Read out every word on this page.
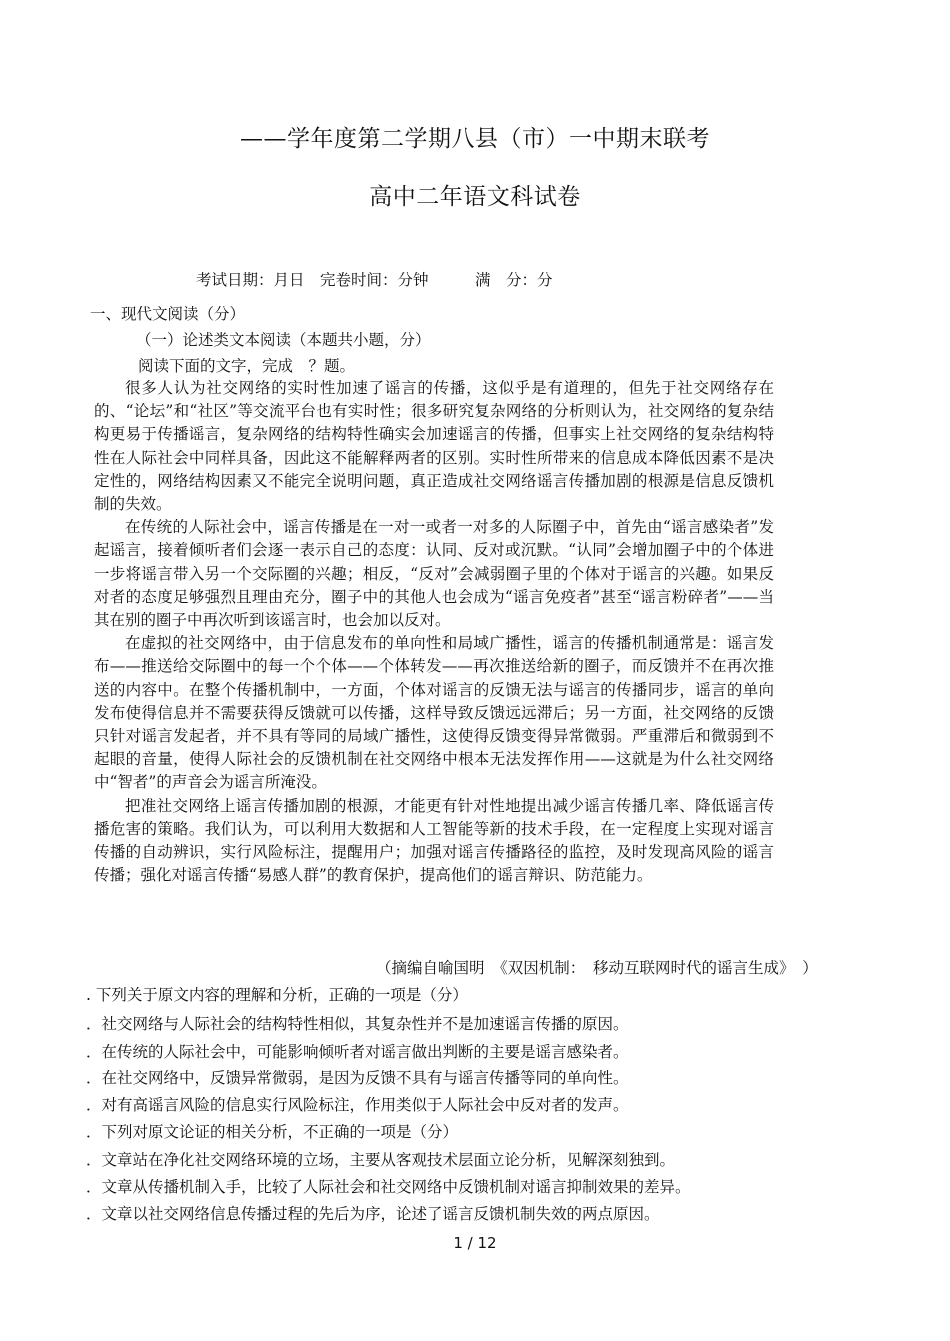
——学年度第二学期八县（市）一中期末联考
高中二年语文科试卷
考试日期：月日　完卷时间：分钟　　　满　分：分
一、现代文阅读（分）
（一）论述类文本阅读（本题共小题，分）
阅读下面的文字，完成　？题。

很多人认为社交网络的实时性加速了谣言的传播，这似乎是有道理的，但先于社交网络存在的、“论坛”和“社区”等交流平台也有实时性；很多研究复杂网络的分析则认为，社交网络的复杂结构更易于传播谣言，复杂网络的结构特性确实会加速谣言的传播，但事实上社交网络的复杂结构特性在人际社会中同样具备，因此这不能解释两者的区别。实时性所带来的信息成本降低因素不是决定性的，网络结构因素又不能完全说明问题，真正造成社交网络谣言传播加剧的根源是信息反馈机制的失效。

在传统的人际社会中，谣言传播是在一对一或者一对多的人际圈子中，首先由“谣言感染者”发起谣言，接着倾听者们会逐一表示自己的态度：认同、反对或沉默。“认同”会增加圈子中的个体进一步将谣言带入另一个交际圈的兴趣；相反，“反对”会减弱圈子里的个体对于谣言的兴趣。如果反对者的态度足够强烈且理由充分，圈子中的其他人也会成为“谣言免疫者”甚至“谣言粉碎者”——当其在别的圈子中再次听到该谣言时，也会加以反对。

在虚拟的社交网络中，由于信息发布的单向性和局域广播性，谣言的传播机制通常是：谣言发布——推送给交际圈中的每一个个体——个体转发——再次推送给新的圈子，而反馈并不在再次推送的内容中。在整个传播机制中，一方面，个体对谣言的反馈无法与谣言的传播同步，谣言的单向发布使得信息并不需要获得反馈就可以传播，这样导致反馈远远滞后；另一方面，社交网络的反馈只针对谣言发起者，并不具有等同的局域广播性，这使得反馈变得异常微弱。严重滞后和微弱到不起眼的音量，使得人际社会的反馈机制在社交网络中根本无法发挥作用——这就是为什么社交网络中“智者”的声音会为谣言所淹没。

把准社交网络上谣言传播加剧的根源，才能更有针对性地提出减少谣言传播几率、降低谣言传播危害的策略。我们认为，可以利用大数据和人工智能等新的技术手段，在一定程度上实现对谣言传播的自动辨识，实行风险标注，提醒用户；加强对谣言传播路径的监控，及时发现高风险的谣言传播；强化对谣言传播“易感人群”的教育保护，提高他们的谣言辩识、防范能力。

（摘编自喻国明　《双因机制：　移动互联网时代的谣言生成》　）
. 下列关于原文内容的理解和分析，正确的一项是（分）
．社交网络与人际社会的结构特性相似，其复杂性并不是加速谣言传播的原因。
．在传统的人际社会中，可能影响倾听者对谣言做出判断的主要是谣言感染者。
．在社交网络中，反馈异常微弱，是因为反馈不具有与谣言传播等同的单向性。
．对有高谣言风险的信息实行风险标注，作用类似于人际社会中反对者的发声。
．下列对原文论证的相关分析，不正确的一项是（分）
．文章站在净化社交网络环境的立场，主要从客观技术层面立论分析，见解深刻独到。
．文章从传播机制入手，比较了人际社会和社交网络中反馈机制对谣言抑制效果的差异。
．文章以社交网络信息传播过程的先后为序，论述了谣言反馈机制失效的两点原因。
1 / 12
